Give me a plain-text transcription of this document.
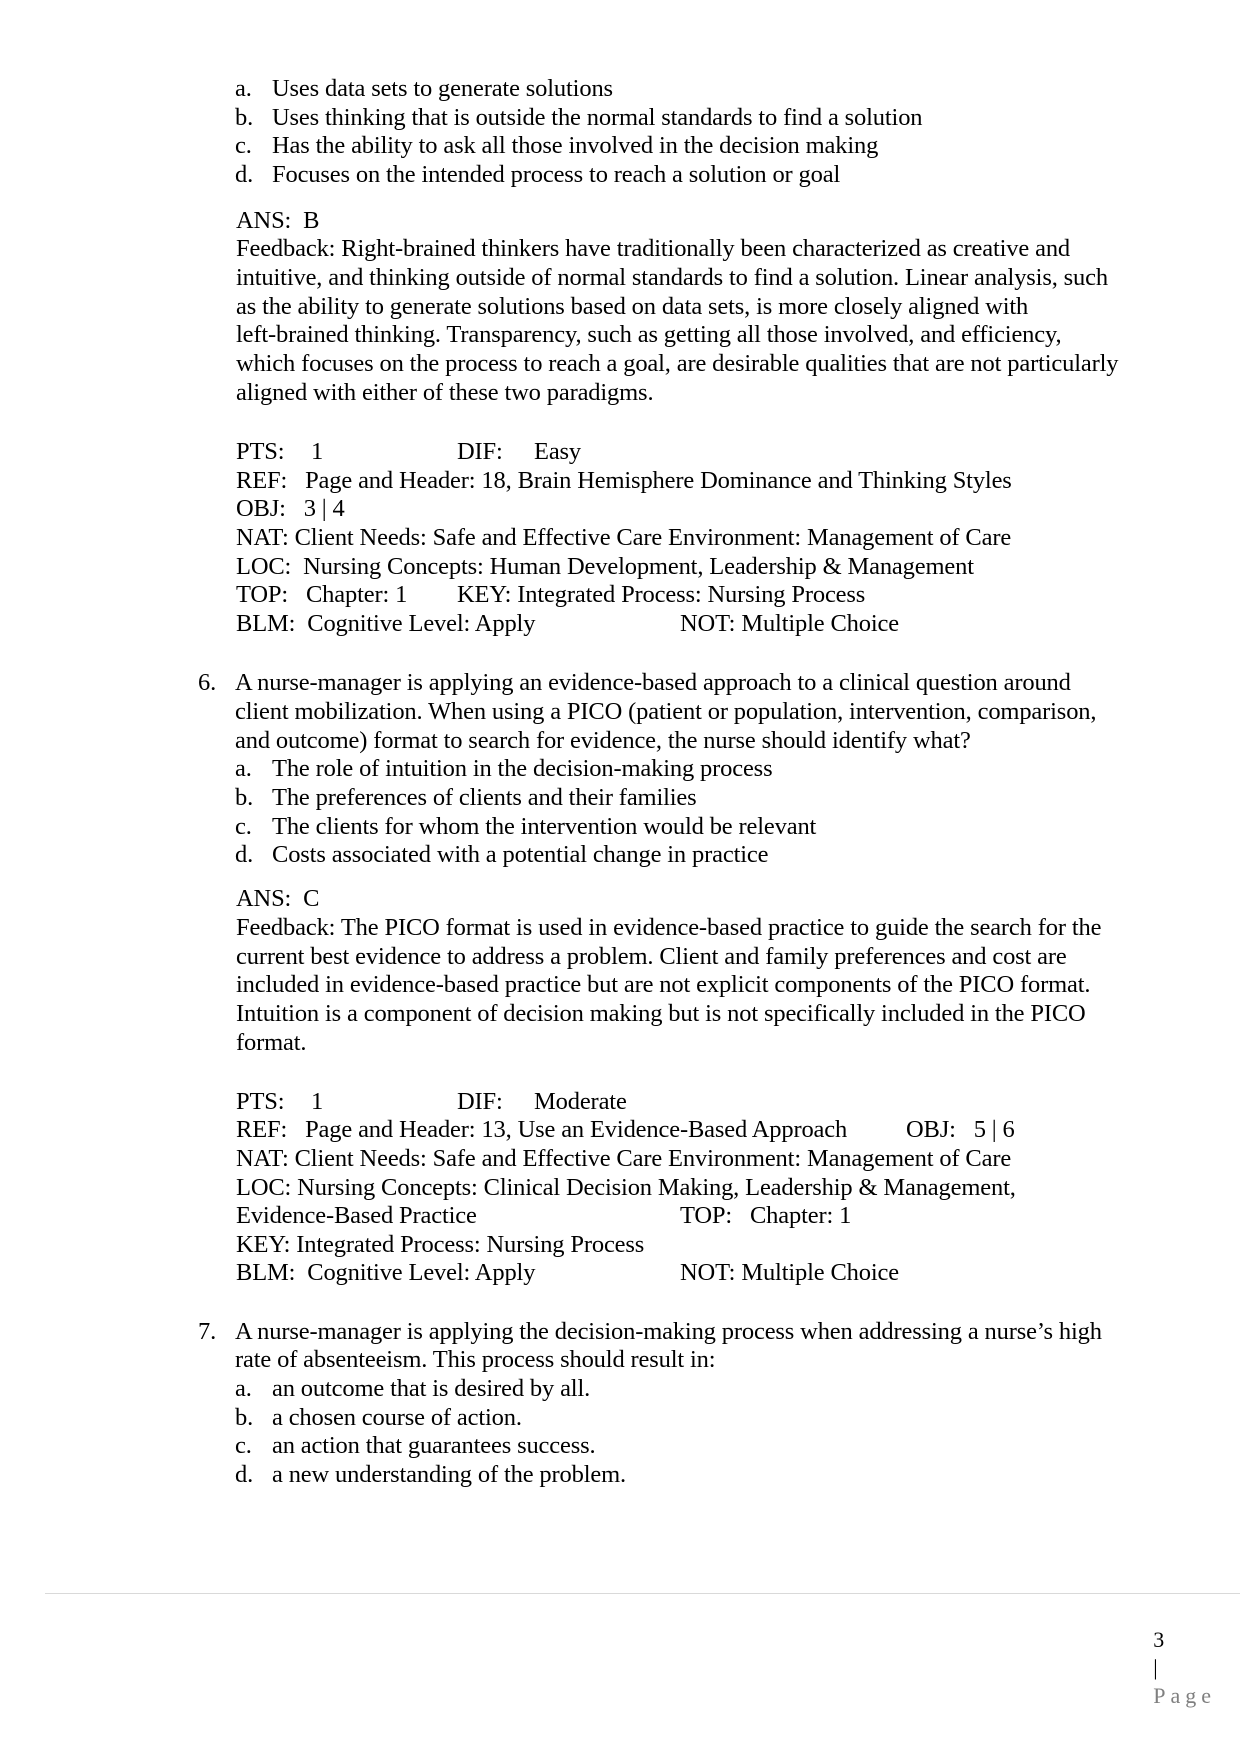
a. Uses data sets to generate solutions
b. Uses thinking that is outside the normal standards to find a solution
c. Has the ability to ask all those involved in the decision making
d. Focuses on the intended process to reach a solution or goal
ANS:  B
Feedback: Right-brained thinkers have traditionally been characterized as creative and
intuitive, and thinking outside of normal standards to find a solution. Linear analysis, such
as the ability to generate solutions based on data sets, is more closely aligned with
left-brained thinking. Transparency, such as getting all those involved, and efficiency,
which focuses on the process to reach a goal, are desirable qualities that are not particularly
aligned with either of these two paradigms.
PTS: 1	DIF: Easy
REF:   Page and Header: 18, Brain Hemisphere Dominance and Thinking Styles
OBJ:   3 | 4
NAT: Client Needs: Safe and Effective Care Environment: Management of Care
LOC:  Nursing Concepts: Human Development, Leadership & Management
TOP:   Chapter: 1 KEY: Integrated Process: Nursing Process
BLM:  Cognitive Level: Apply	NOT: Multiple Choice
6. A nurse-manager is applying an evidence-based approach to a clinical question around
client mobilization. When using a PICO (patient or population, intervention, comparison,
and outcome) format to search for evidence, the nurse should identify what?
a. The role of intuition in the decision-making process
b. The preferences of clients and their families
c. The clients for whom the intervention would be relevant
d. Costs associated with a potential change in practice
ANS:  C
Feedback: The PICO format is used in evidence-based practice to guide the search for the
current best evidence to address a problem. Client and family preferences and cost are
included in evidence-based practice but are not explicit components of the PICO format.
Intuition is a component of decision making but is not specifically included in the PICO
format.
PTS: 1	DIF: Moderate
REF:   Page and Header: 13, Use an Evidence-Based Approach OBJ:   5 | 6
NAT: Client Needs: Safe and Effective Care Environment: Management of Care
LOC: Nursing Concepts: Clinical Decision Making, Leadership & Management,
Evidence-Based Practice	TOP:   Chapter: 1
KEY: Integrated Process: Nursing Process
BLM:  Cognitive Level: Apply	NOT: Multiple Choice
7. A nurse-manager is applying the decision-making process when addressing a nurse’s high
rate of absenteeism. This process should result in:
a. an outcome that is desired by all.
b. a chosen course of action.
c. an action that guarantees success.
d. a new understanding of the problem.

3
|
Page
